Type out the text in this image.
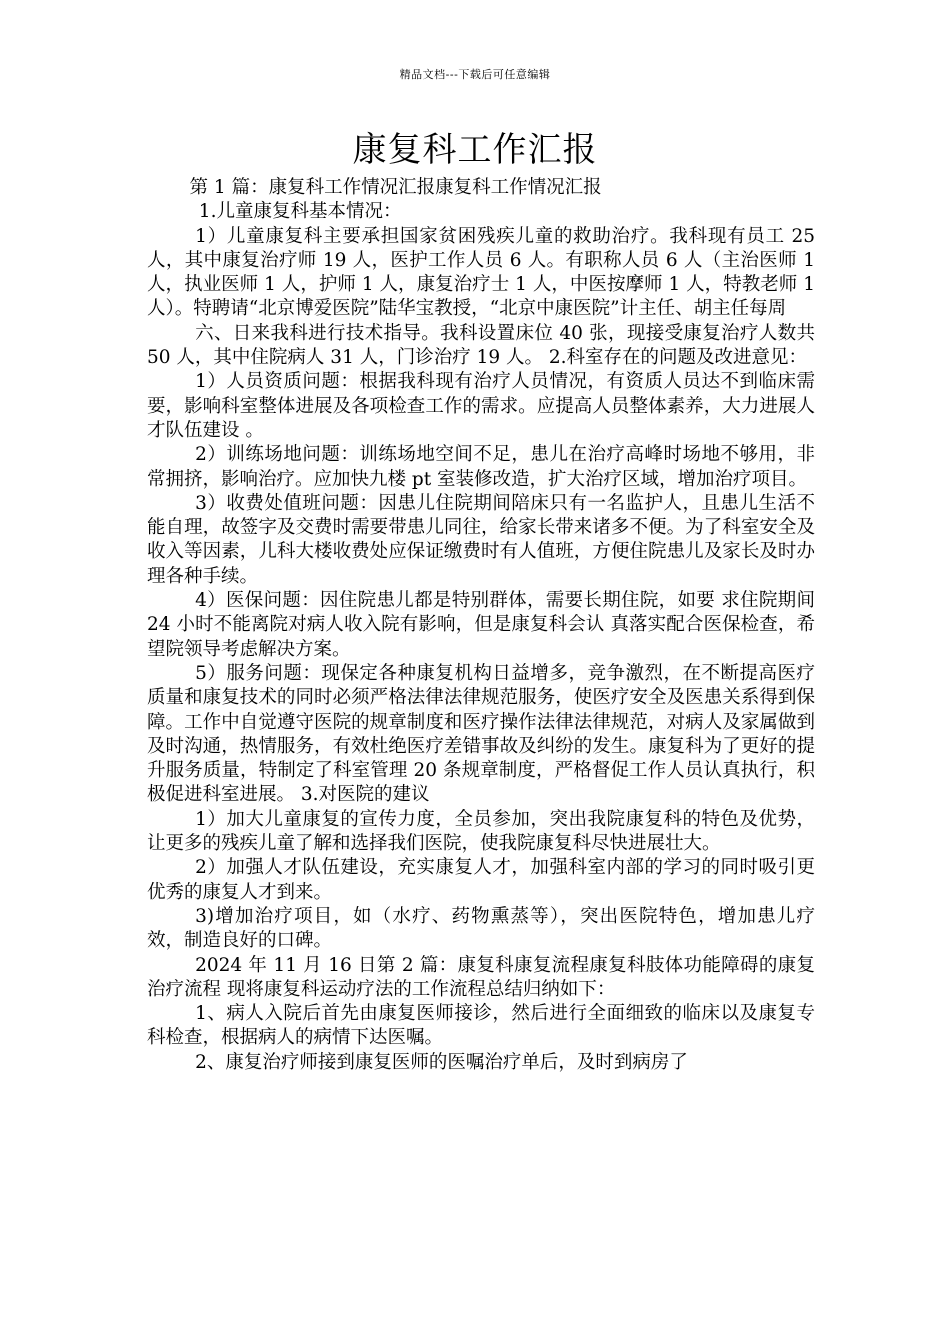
精品文档---下载后可任意编辑
康复科工作汇报

第 1 篇：康复科工作情况汇报康复科工作情况汇报

1.儿童康复科基本情况：

1）儿童康复科主要承担国家贫困残疾儿童的救助治疗。我科现有员工 25 人，其中康复治疗师 19 人，医护工作人员 6 人。有职称人员 6 人（主治医师 1 人，执业医师 1 人，护师 1 人，康复治疗士 1 人，中医按摩师 1 人，特教老师 1 人）。特聘请“北京博爱医院”陆华宝教授，“北京中康医院”计主任、胡主任每周

六、日来我科进行技术指导。我科设置床位 40 张，现接受康复治疗人数共 50 人，其中住院病人 31 人，门诊治疗 19 人。 2.科室存在的问题及改进意见：

1）人员资质问题：根据我科现有治疗人员情况，有资质人员达不到临床需要，影响科室整体进展及各项检查工作的需求。应提高人员整体素养，大力进展人才队伍建设 。

2）训练场地问题：训练场地空间不足，患儿在治疗高峰时场地不够用，非常拥挤，影响治疗。应加快九楼 pt 室装修改造，扩大治疗区域，增加治疗项目。

3）收费处值班问题：因患儿住院期间陪床只有一名监护人，且患儿生活不能自理，故签字及交费时需要带患儿同往，给家长带来诸多不便。为了科室安全及收入等因素，儿科大楼收费处应保证缴费时有人值班，方便住院患儿及家长及时办理各种手续。

4）医保问题：因住院患儿都是特别群体，需要长期住院，如要 求住院期间 24 小时不能离院对病人收入院有影响，但是康复科会认 真落实配合医保检查，希望院领导考虑解决方案。

5）服务问题：现保定各种康复机构日益增多，竞争激烈，在不断提高医疗质量和康复技术的同时必须严格法律法律规范服务，使医疗安全及医患关系得到保障。工作中自觉遵守医院的规章制度和医疗操作法律法律规范，对病人及家属做到及时沟通，热情服务，有效杜绝医疗差错事故及纠纷的发生。康复科为了更好的提升服务质量，特制定了科室管理 20 条规章制度，严格督促工作人员认真执行，积极促进科室进展。 3.对医院的建议

1）加大儿童康复的宣传力度，全员参加，突出我院康复科的特色及优势，让更多的残疾儿童了解和选择我们医院，使我院康复科尽快进展壮大。

2）加强人才队伍建设，充实康复人才，加强科室内部的学习的同时吸引更优秀的康复人才到来。

3)增加治疗项目，如（水疗、药物熏蒸等），突出医院特色，增加患儿疗效，制造良好的口碑。

2024 年 11 月 16 日第 2 篇：康复科康复流程康复科肢体功能障碍的康复治疗流程 现将康复科运动疗法的工作流程总结归纳如下：

1、病人入院后首先由康复医师接诊，然后进行全面细致的临床以及康复专科检查，根据病人的病情下达医嘱。

2、康复治疗师接到康复医师的医嘱治疗单后，及时到病房了
